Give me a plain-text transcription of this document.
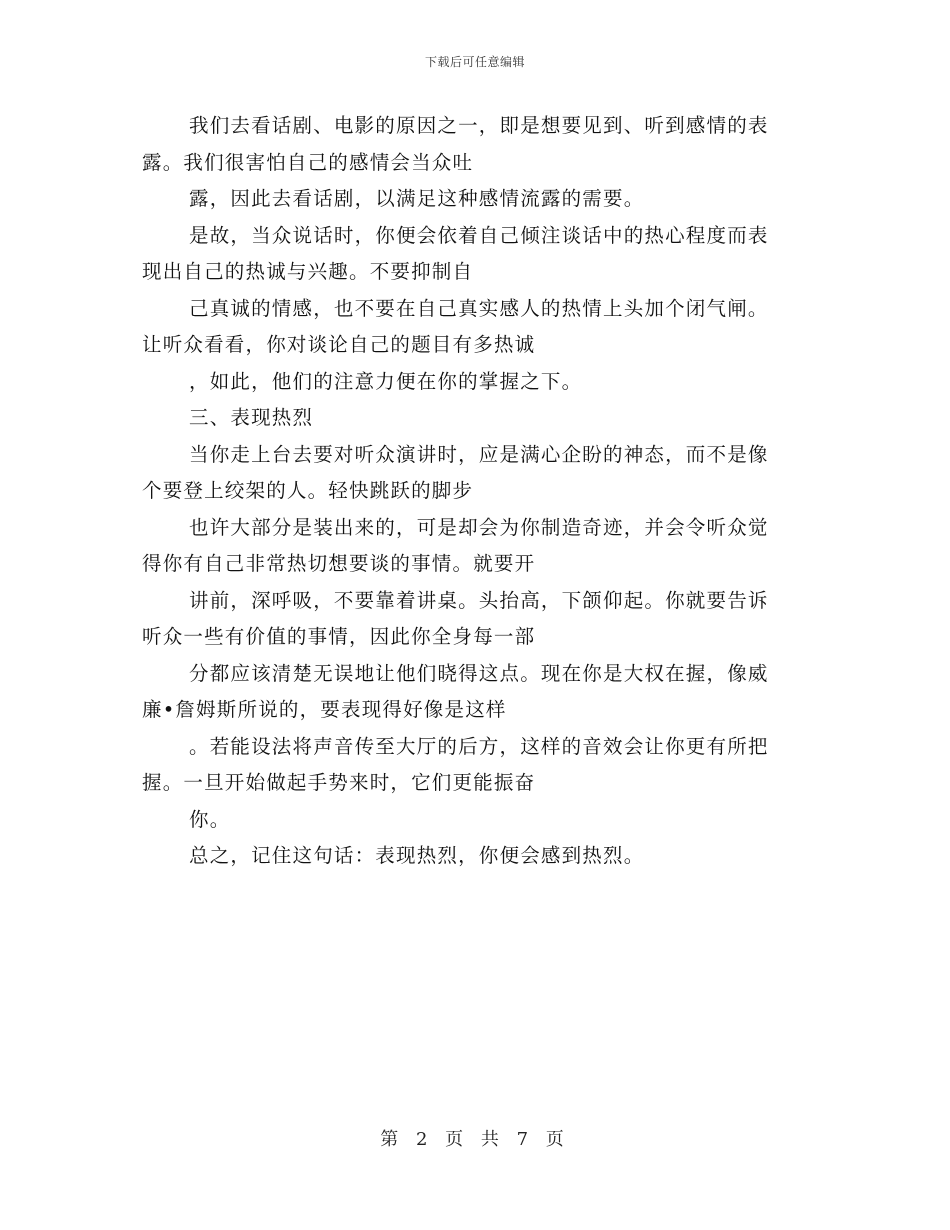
下载后可任意编辑

我们去看话剧、电影的原因之一，即是想要见到、听到感情的表
露。我们很害怕自己的感情会当众吐

露，因此去看话剧，以满足这种感情流露的需要。

是故，当众说话时，你便会依着自己倾注谈话中的热心程度而表
现出自己的热诚与兴趣。不要抑制自

己真诚的情感，也不要在自己真实感人的热情上头加个闭气闸。
让听众看看，你对谈论自己的题目有多热诚

，如此，他们的注意力便在你的掌握之下。

三、表现热烈

当你走上台去要对听众演讲时，应是满心企盼的神态，而不是像
个要登上绞架的人。轻快跳跃的脚步

也许大部分是装出来的，可是却会为你制造奇迹，并会令听众觉
得你有自己非常热切想要谈的事情。就要开

讲前，深呼吸，不要靠着讲桌。头抬高，下颌仰起。你就要告诉
听众一些有价值的事情，因此你全身每一部

分都应该清楚无误地让他们晓得这点。现在你是大权在握，像威
廉•詹姆斯所说的，要表现得好像是这样

。若能设法将声音传至大厅的后方，这样的音效会让你更有所把
握。一旦开始做起手势来时，它们更能振奋

你。

总之，记住这句话：表现热烈，你便会感到热烈。

第 2 页 共 7 页
